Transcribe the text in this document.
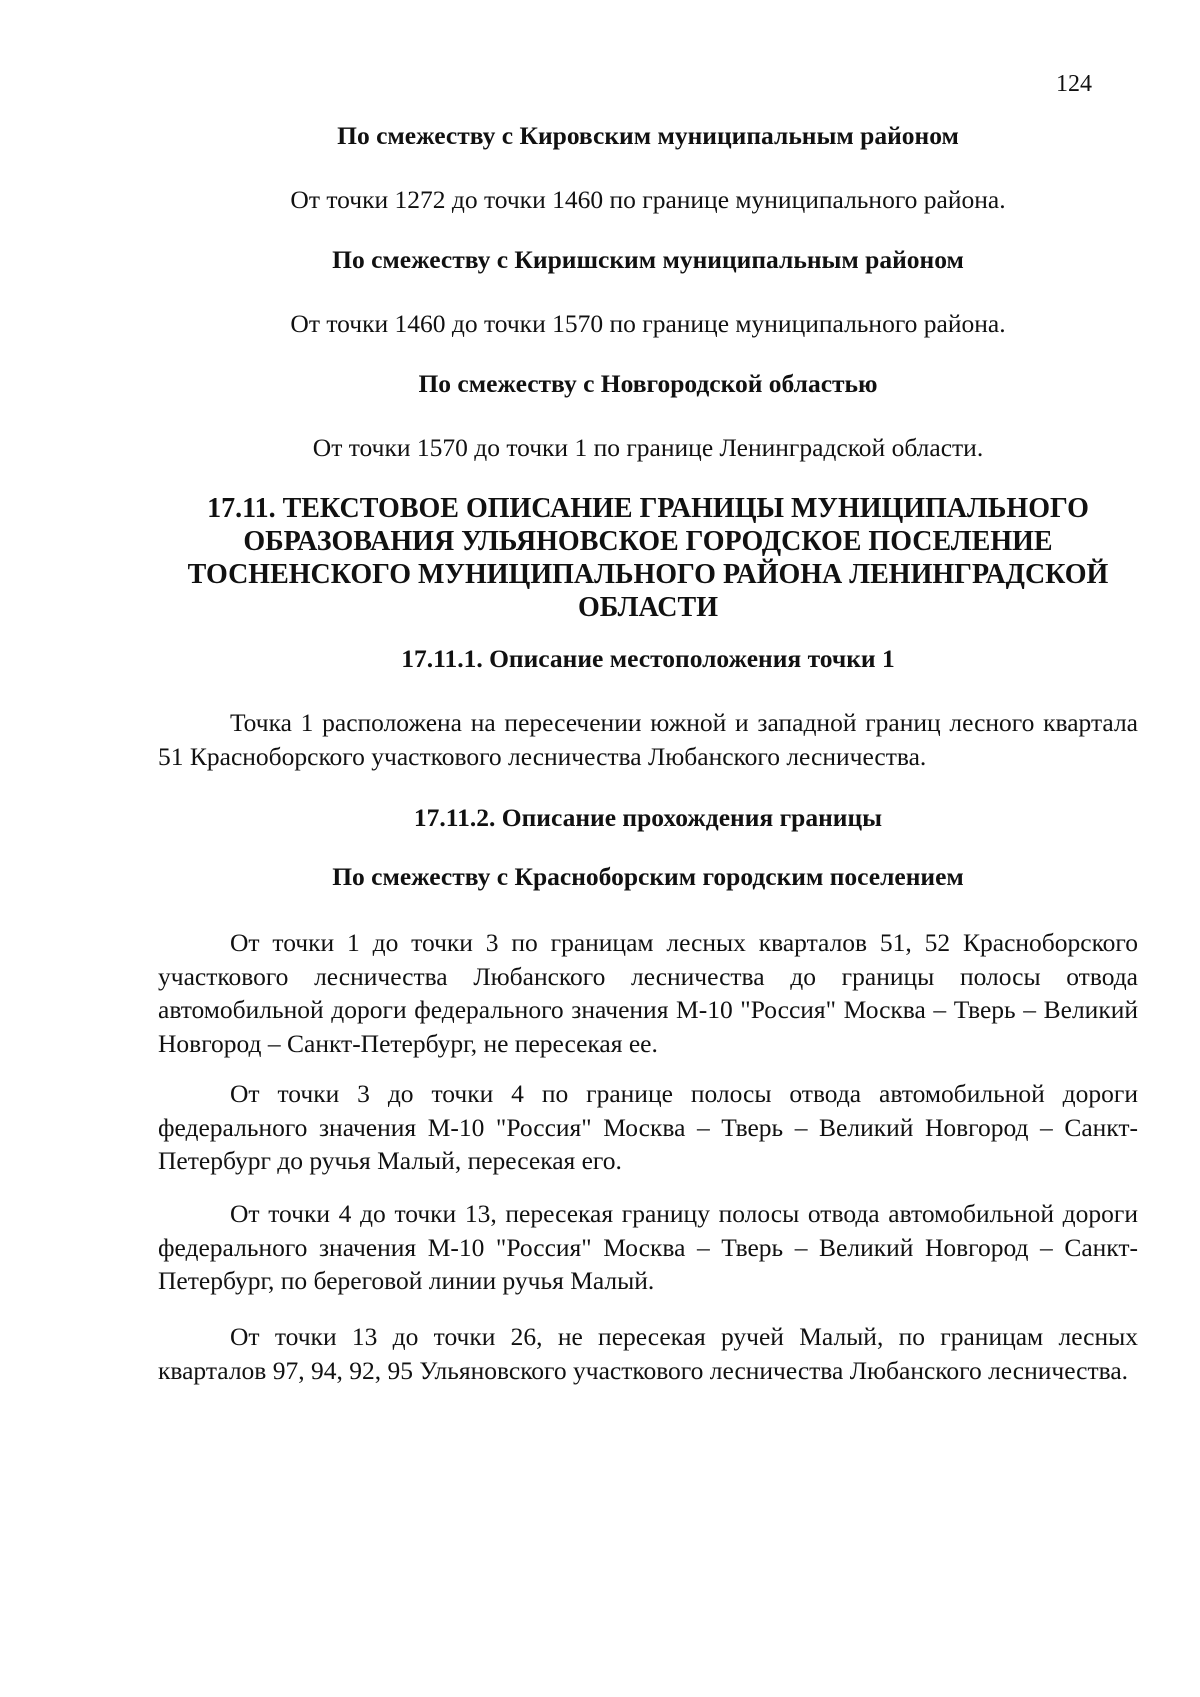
124

По смежеству с Кировским муниципальным районом

От точки 1272 до точки 1460 по границе муниципального района.

По смежеству с Киришским муниципальным районом

От точки 1460 до точки 1570 по границе муниципального района.

По смежеству с Новгородской областью

От точки 1570 до точки 1 по границе Ленинградской области.

17.11. ТЕКСТОВОЕ ОПИСАНИЕ ГРАНИЦЫ МУНИЦИПАЛЬНОГО ОБРАЗОВАНИЯ УЛЬЯНОВСКОЕ ГОРОДСКОЕ ПОСЕЛЕНИЕ ТОСНЕНСКОГО МУНИЦИПАЛЬНОГО РАЙОНА ЛЕНИНГРАДСКОЙ ОБЛАСТИ

17.11.1. Описание местоположения точки 1

Точка 1 расположена на пересечении южной и западной границ лесного квартала 51 Красноборского участкового лесничества Любанского лесничества.

17.11.2. Описание прохождения границы

По смежеству с Красноборским городским поселением

От точки 1 до точки 3 по границам лесных кварталов 51, 52 Красноборского участкового лесничества Любанского лесничества до границы полосы отвода автомобильной дороги федерального значения М-10 "Россия" Москва – Тверь – Великий Новгород – Санкт-Петербург, не пересекая ее.

От точки 3 до точки 4 по границе полосы отвода автомобильной дороги федерального значения М-10 "Россия" Москва – Тверь – Великий Новгород – Санкт-Петербург до ручья Малый, пересекая его.

От точки 4 до точки 13, пересекая границу полосы отвода автомобильной дороги федерального значения М-10 "Россия" Москва – Тверь – Великий Новгород – Санкт-Петербург, по береговой линии ручья Малый.

От точки 13 до точки 26, не пересекая ручей Малый, по границам лесных кварталов 97, 94, 92, 95 Ульяновского участкового лесничества Любанского лесничества.
